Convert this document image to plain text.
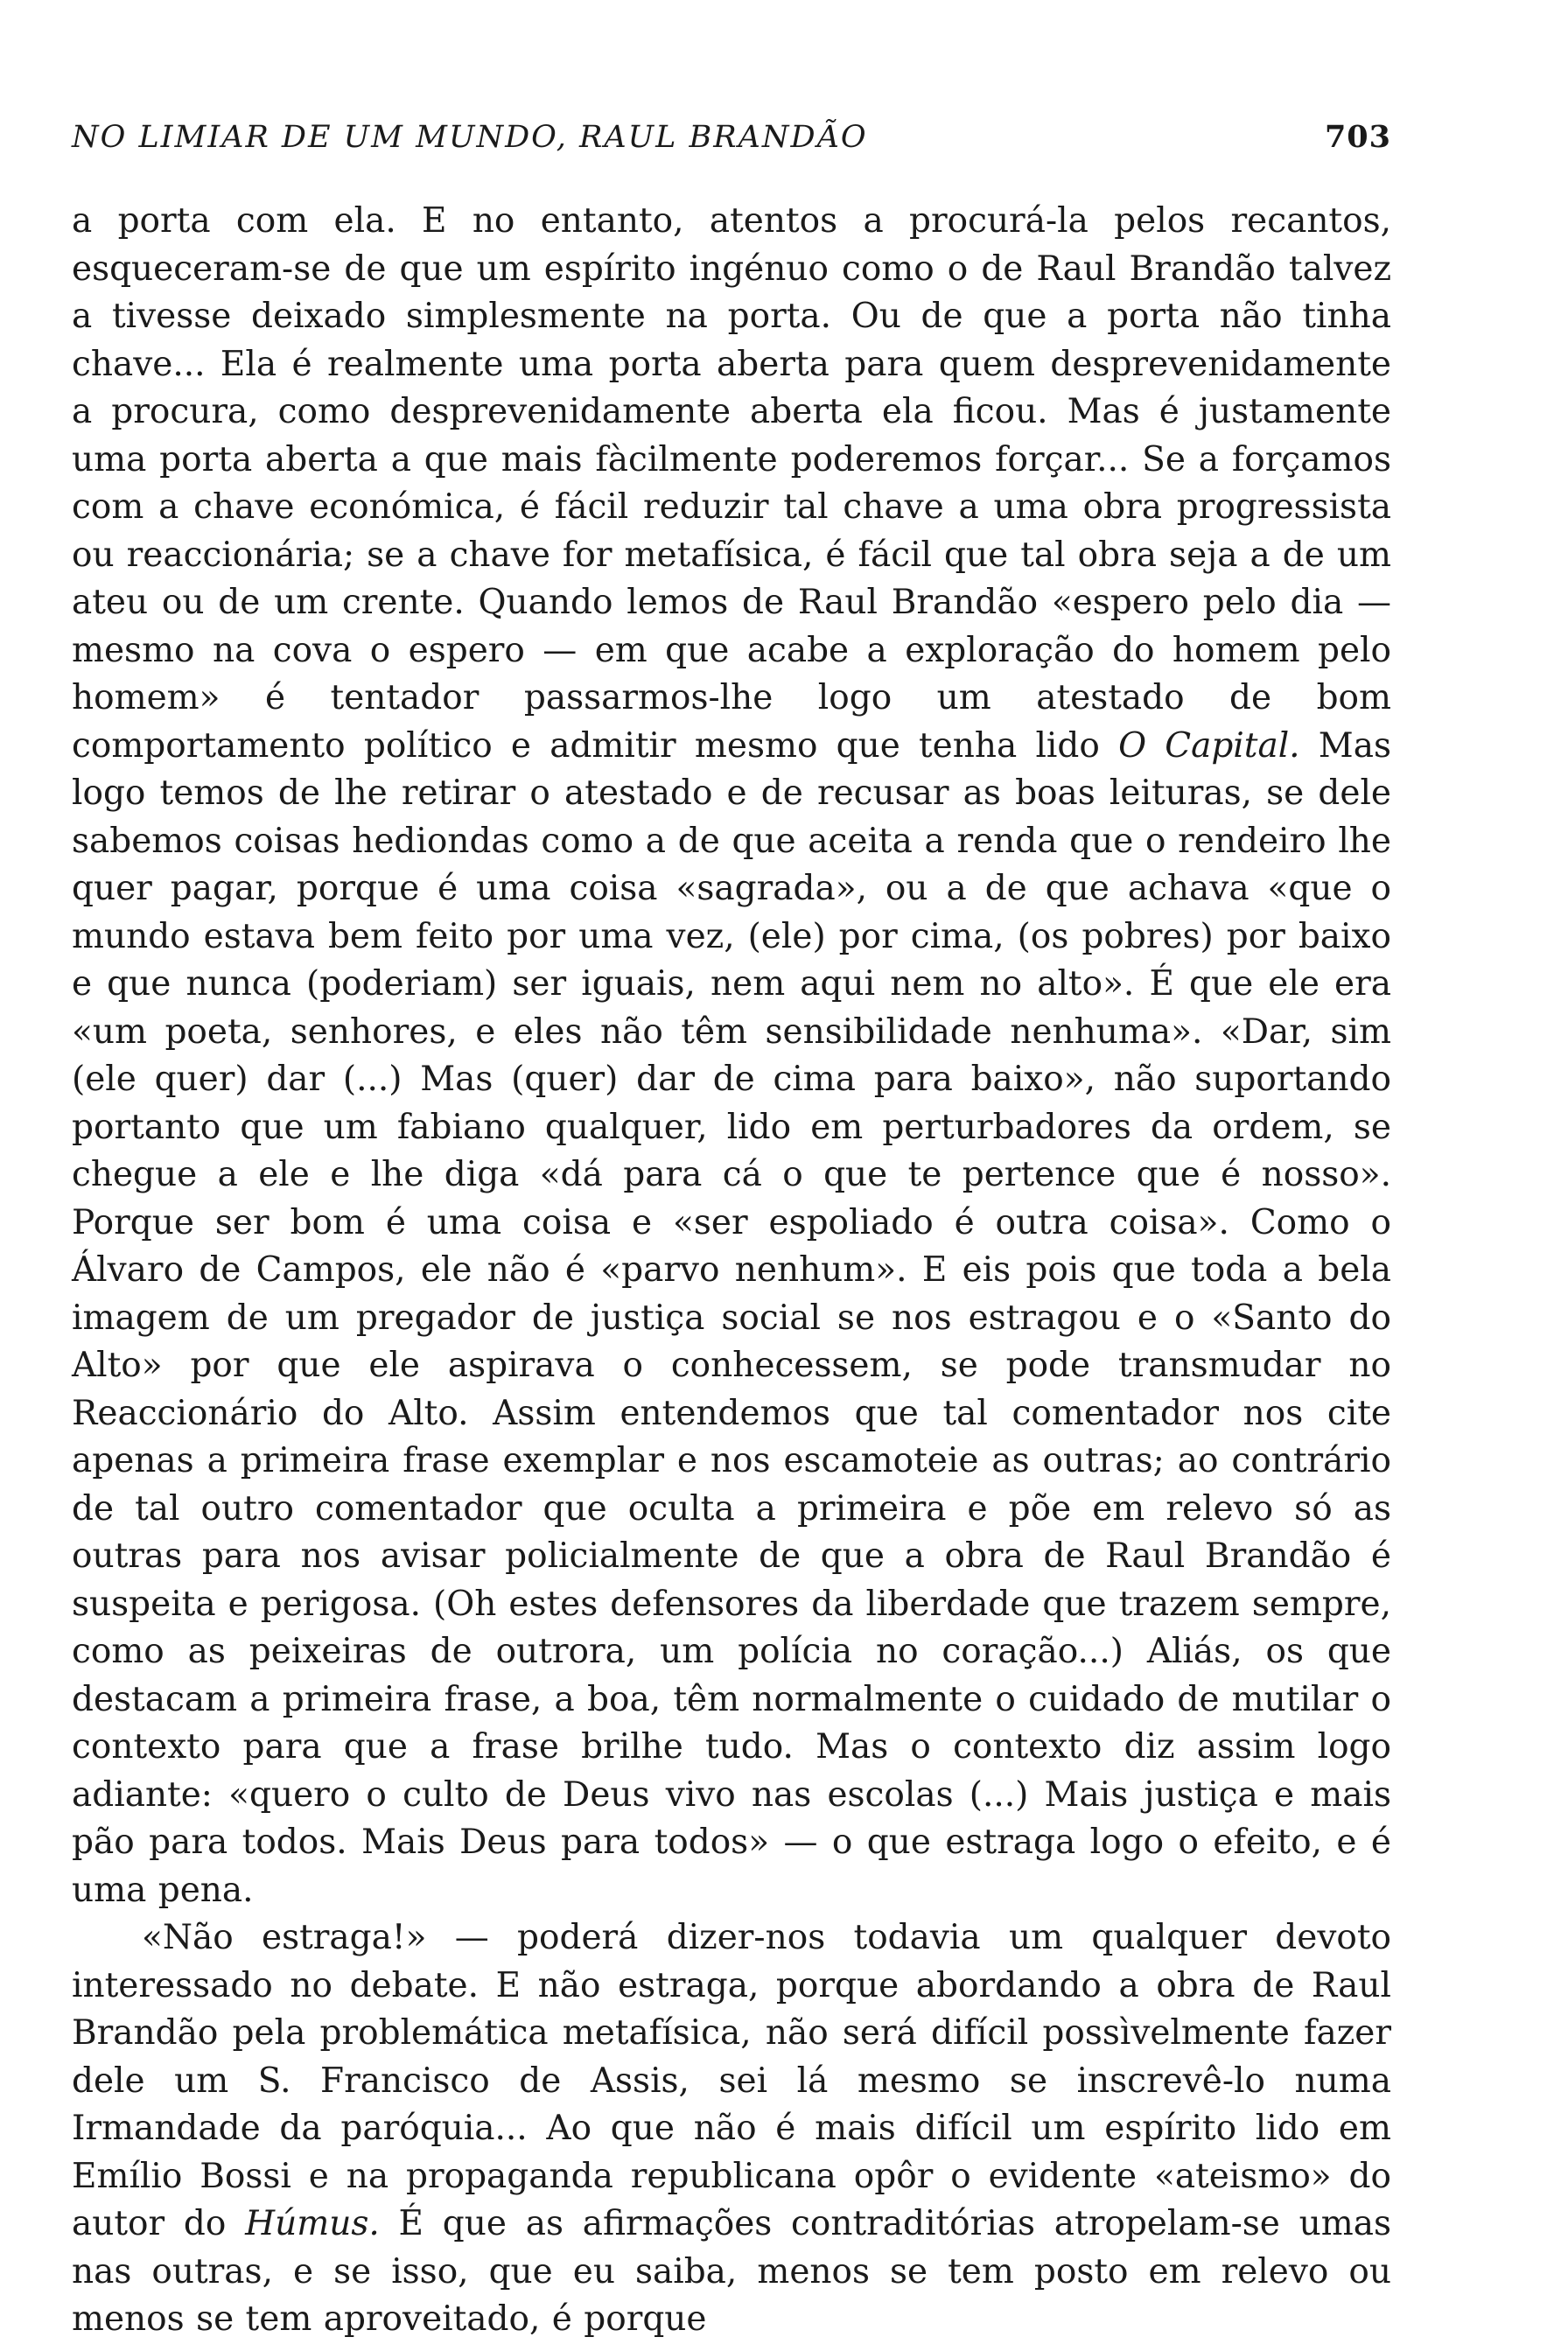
NO LIMIAR DE UM MUNDO, RAUL BRANDÃO	703

a porta com ela. E no entanto, atentos a procurá-la pelos recantos, esqueceram-se de que um espírito ingénuo como o de Raul Brandão talvez a tivesse deixado simplesmente na porta. Ou de que a porta não tinha chave... Ela é realmente uma porta aberta para quem desprevenidamente a procura, como desprevenidamente aberta ela ficou. Mas é justamente uma porta aberta a que mais fàcilmente poderemos forçar... Se a forçamos com a chave económica, é fácil reduzir tal chave a uma obra progressista ou reaccionária; se a chave for metafísica, é fácil que tal obra seja a de um ateu ou de um crente. Quando lemos de Raul Brandão «espero pelo dia — mesmo na cova o espero — em que acabe a exploração do homem pelo homem» é tentador passarmos-lhe logo um atestado de bom comportamento político e admitir mesmo que tenha lido O Capital. Mas logo temos de lhe retirar o atestado e de recusar as boas leituras, se dele sabemos coisas hediondas como a de que aceita a renda que o rendeiro lhe quer pagar, porque é uma coisa «sagrada», ou a de que achava «que o mundo estava bem feito por uma vez, (ele) por cima, (os pobres) por baixo e que nunca (poderiam) ser iguais, nem aqui nem no alto». É que ele era «um poeta, senhores, e eles não têm sensibilidade nenhuma». «Dar, sim (ele quer) dar (...) Mas (quer) dar de cima para baixo», não suportando portanto que um fabiano qualquer, lido em perturbadores da ordem, se chegue a ele e lhe diga «dá para cá o que te pertence que é nosso». Porque ser bom é uma coisa e «ser espoliado é outra coisa». Como o Álvaro de Campos, ele não é «parvo nenhum». E eis pois que toda a bela imagem de um pregador de justiça social se nos estragou e o «Santo do Alto» por que ele aspirava o conhecessem, se pode transmudar no Reaccionário do Alto. Assim entendemos que tal comentador nos cite apenas a primeira frase exemplar e nos escamoteie as outras; ao contrário de tal outro comentador que oculta a primeira e põe em relevo só as outras para nos avisar policialmente de que a obra de Raul Brandão é suspeita e perigosa. (Oh estes defensores da liberdade que trazem sempre, como as peixeiras de outrora, um polícia no coração...) Aliás, os que destacam a primeira frase, a boa, têm normalmente o cuidado de mutilar o contexto para que a frase brilhe tudo. Mas o contexto diz assim logo adiante: «quero o culto de Deus vivo nas escolas (...) Mais justiça e mais pão para todos. Mais Deus para todos» — o que estraga logo o efeito, e é uma pena.

«Não estraga!» — poderá dizer-nos todavia um qualquer devoto interessado no debate. E não estraga, porque abordando a obra de Raul Brandão pela problemática metafísica, não será difícil possìvelmente fazer dele um S. Francisco de Assis, sei lá mesmo se inscrevê-lo numa Irmandade da paróquia... Ao que não é mais difícil um espírito lido em Emílio Bossi e na propaganda republicana opôr o evidente «ateismo» do autor do Húmus. É que as afirmações contraditórias atropelam-se umas nas outras, e se isso, que eu saiba, menos se tem posto em relevo ou menos se tem aproveitado, é porque
